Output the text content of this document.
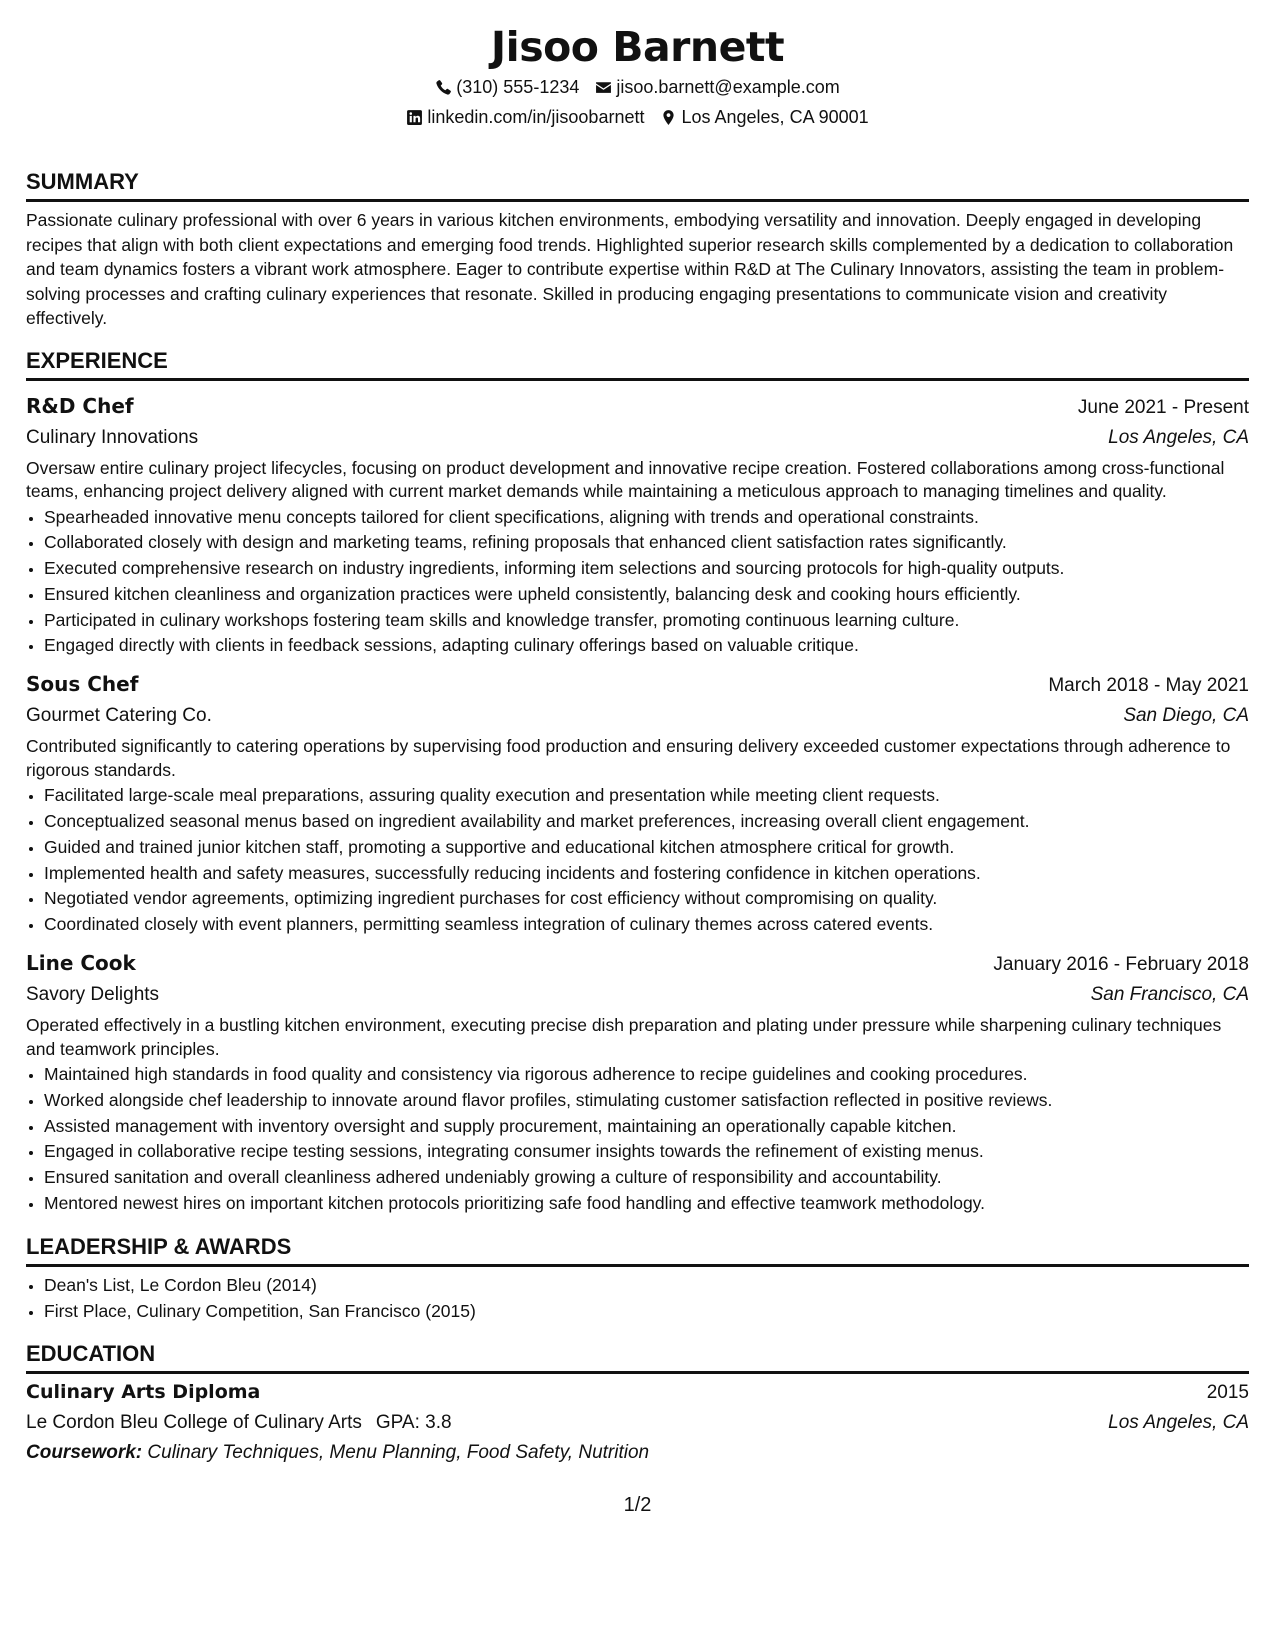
Jisoo Barnett
(310) 555-1234 jisoo.barnett@example.com
linkedin.com/in/jisoobarnett Los Angeles, CA 90001
SUMMARY

Passionate culinary professional with over 6 years in various kitchen environments, embodying versatility and innovation. Deeply engaged in developing recipes that align with both client expectations and emerging food trends. Highlighted superior research skills complemented by a dedication to collaboration and team dynamics fosters a vibrant work atmosphere. Eager to contribute expertise within R&D at The Culinary Innovators, assisting the team in problem-solving processes and crafting culinary experiences that resonate. Skilled in producing engaging presentations to communicate vision and creativity effectively.

EXPERIENCE
R&D Chef	June 2021 - Present
Culinary Innovations	Los Angeles, CA

Oversaw entire culinary project lifecycles, focusing on product development and innovative recipe creation. Fostered collaborations among cross-functional teams, enhancing project delivery aligned with current market demands while maintaining a meticulous approach to managing timelines and quality.

• Spearheaded innovative menu concepts tailored for client specifications, aligning with trends and operational constraints.
• Collaborated closely with design and marketing teams, refining proposals that enhanced client satisfaction rates significantly.
• Executed comprehensive research on industry ingredients, informing item selections and sourcing protocols for high-quality outputs.
• Ensured kitchen cleanliness and organization practices were upheld consistently, balancing desk and cooking hours efficiently.
• Participated in culinary workshops fostering team skills and knowledge transfer, promoting continuous learning culture.
• Engaged directly with clients in feedback sessions, adapting culinary offerings based on valuable critique.
Sous Chef	March 2018 - May 2021
Gourmet Catering Co.	San Diego, CA

Contributed significantly to catering operations by supervising food production and ensuring delivery exceeded customer expectations through adherence to rigorous standards.

• Facilitated large-scale meal preparations, assuring quality execution and presentation while meeting client requests.
• Conceptualized seasonal menus based on ingredient availability and market preferences, increasing overall client engagement.
• Guided and trained junior kitchen staff, promoting a supportive and educational kitchen atmosphere critical for growth.
• Implemented health and safety measures, successfully reducing incidents and fostering confidence in kitchen operations.
• Negotiated vendor agreements, optimizing ingredient purchases for cost efficiency without compromising on quality.
• Coordinated closely with event planners, permitting seamless integration of culinary themes across catered events.
Line Cook	January 2016 - February 2018
Savory Delights	San Francisco, CA

Operated effectively in a bustling kitchen environment, executing precise dish preparation and plating under pressure while sharpening culinary techniques and teamwork principles.

• Maintained high standards in food quality and consistency via rigorous adherence to recipe guidelines and cooking procedures.
• Worked alongside chef leadership to innovate around flavor profiles, stimulating customer satisfaction reflected in positive reviews.
• Assisted management with inventory oversight and supply procurement, maintaining an operationally capable kitchen.
• Engaged in collaborative recipe testing sessions, integrating consumer insights towards the refinement of existing menus.
• Ensured sanitation and overall cleanliness adhered undeniably growing a culture of responsibility and accountability.
• Mentored newest hires on important kitchen protocols prioritizing safe food handling and effective teamwork methodology.
LEADERSHIP & AWARDS
• Dean's List, Le Cordon Bleu (2014)
• First Place, Culinary Competition, San Francisco (2015)
EDUCATION
Culinary Arts Diploma	2015
Le Cordon Bleu College of Culinary Arts GPA: 3.8	Los Angeles, CA
Coursework: Culinary Techniques, Menu Planning, Food Safety, Nutrition
1/2
